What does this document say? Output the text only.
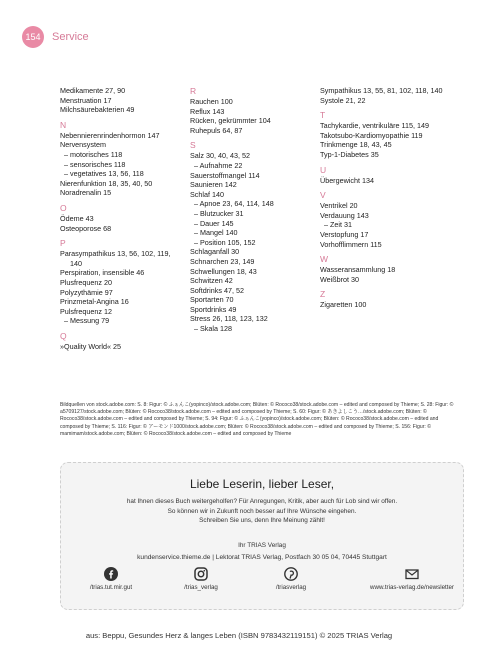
154	Service
Medikamente 27, 90
Menstruation 17
Milchsäurebakterien 49
N
Nebennierenrindenhormon 147
Nervensystem
– motorisches 118
– sensorisches 118
– vegetatives 13, 56, 118
Nierenfunktion 18, 35, 40, 50
Noradrenalin 15
O
Ödeme 43
Osteoporose 68
P
Parasympathikus 13, 56, 102, 119, 140
Perspiration, insensible 46
Plusfrequenz 20
Polyzythämie 97
Prinzmetal-Angina 16
Pulsfrequenz 12
– Messung 79
Q
»Quality World« 25
R
Rauchen 100
Reflux 143
Rücken, gekrümmter 104
Ruhepuls 64, 87
S
Salz 30, 40, 43, 52
– Aufnahme 22
Sauerstoffmangel 114
Saunieren 142
Schlaf 140
– Apnoe 23, 64, 114, 148
– Blutzucker 31
– Dauer 145
– Mangel 140
– Position 105, 152
Schlaganfall 30
Schnarchen 23, 149
Schwellungen 18, 43
Schwitzen 42
Softdrinks 47, 52
Sportarten 70
Sportdrinks 49
Stress 26, 118, 123, 132
– Skala 128
Sympathikus 13, 55, 81, 102, 118, 140
Systole 21, 22
T
Tachykardie, ventrikuläre 115, 149
Takotsubo-Kardiomyopathie 119
Trinkmenge 18, 43, 45
Typ-1-Diabetes 35
U
Übergewicht 134
V
Ventrikel 20
Verdauung 143
– Zeit 31
Verstopfung 17
Vorhofflimmern 115
W
Wasseransammlung 18
Weißbrot 30
Z
Zigaretten 100
Bildquellen von stock.adobe.com: S. 8: Figur: © ふぁんこ(yopinco)/stock.adobe.com; Blüten: © Rococo38/stock.adobe.com – edited and composed by Thieme; S. 28: Figur: © a5709127/stock.adobe.com; Blüten: © Rococo38/stock.adobe.com – edited and composed by Thieme; S. 60: Figur: © あきよしこう…/stock.adobe.com; Blüten: © Rococo38/stock.adobe.com – edited and composed by Thieme; S. 94: Figur: © ふぁんこ(yopinco)/stock.adobe.com; Blüten: © Rococo38/stock.adobe.com – edited and composed by Thieme; S. 116: Figur: © アーモンド1000/stock.adobe.com; Blüten: © Rococo38/stock.adobe.com – edited and composed by Thieme; S. 156: Figur: © mamimam/stock.adobe.com; Blüten: © Rococo38/stock.adobe.com – edited and composed by Thieme
Liebe Leserin, lieber Leser,
hat Ihnen dieses Buch weitergeholfen? Für Anregungen, Kritik, aber auch für Lob sind wir offen.
So können wir in Zukunft noch besser auf Ihre Wünsche eingehen.
Schreiben Sie uns, denn Ihre Meinung zählt!
Ihr TRIAS Verlag
kundenservice.thieme.de | Lektorat TRIAS Verlag, Postfach 30 05 04, 70445 Stuttgart
/trias.tut.mir.gut	/trias_verlag	/triasverlag	www.trias-verlag.de/newsletter
aus: Beppu, Gesundes Herz & langes Leben (ISBN 9783432119151) © 2025 TRIAS Verlag
